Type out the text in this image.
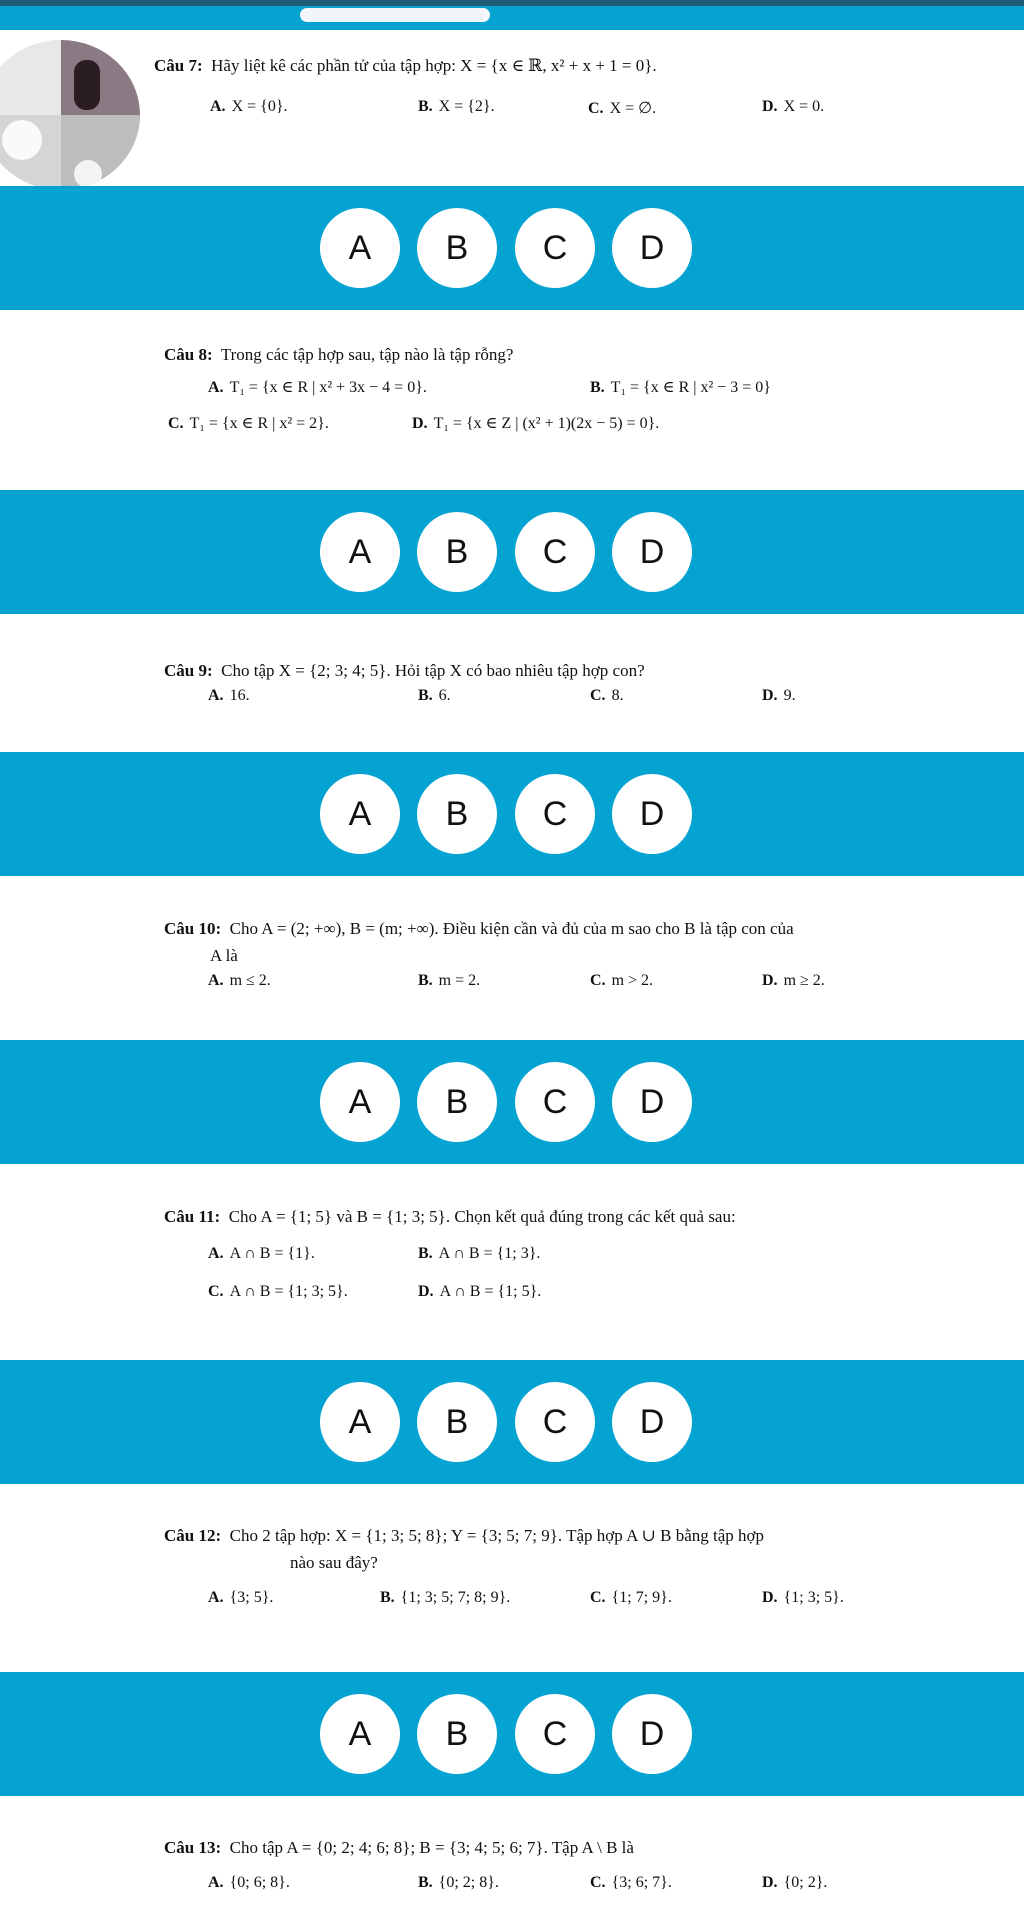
Câu 7: Hãy liệt kê các phần tử của tập hợp: X = {x ∈ ℝ, x² + x + 1 = 0}.
A. X = {0}.	B. X = {2}.	C. X = ∅.	D. X = 0.
A	B	C	D
Câu 8: Trong các tập hợp sau, tập nào là tập rỗng?
A. T₁ = {x ∈ R | x² + 3x − 4 = 0}.	B. T₁ = {x ∈ R | x² − 3 = 0}
C. T₁ = {x ∈ R | x² = 2}.	D. T₁ = {x ∈ Z | (x² + 1)(2x − 5) = 0}.
A	B	C	D
Câu 9: Cho tập X = {2; 3; 4; 5}. Hỏi tập X có bao nhiêu tập hợp con?
A. 16.	B. 6.	C. 8.	D. 9.
A	B	C	D
Câu 10: Cho A = (2; +∞), B = (m; +∞). Điều kiện cần và đủ của m sao cho B là tập con của
A là
A. m ≤ 2.	B. m = 2.	C. m > 2.	D. m ≥ 2.
A	B	C	D
Câu 11: Cho A = {1; 5} và B = {1; 3; 5}. Chọn kết quả đúng trong các kết quả sau:
A. A ∩ B = {1}.	B. A ∩ B = {1; 3}.
C. A ∩ B = {1; 3; 5}.	D. A ∩ B = {1; 5}.
A	B	C	D
Câu 12: Cho 2 tập hợp: X = {1; 3; 5; 8}; Y = {3; 5; 7; 9}. Tập hợp A ∪ B bằng tập hợp
nào sau đây?
A. {3; 5}.	B. {1; 3; 5; 7; 8; 9}.	C. {1; 7; 9}.	D. {1; 3; 5}.
A	B	C	D
Câu 13: Cho tập A = {0; 2; 4; 6; 8}; B = {3; 4; 5; 6; 7}. Tập A \ B là
A. {0; 6; 8}.	B. {0; 2; 8}.	C. {3; 6; 7}.	D. {0; 2}.
